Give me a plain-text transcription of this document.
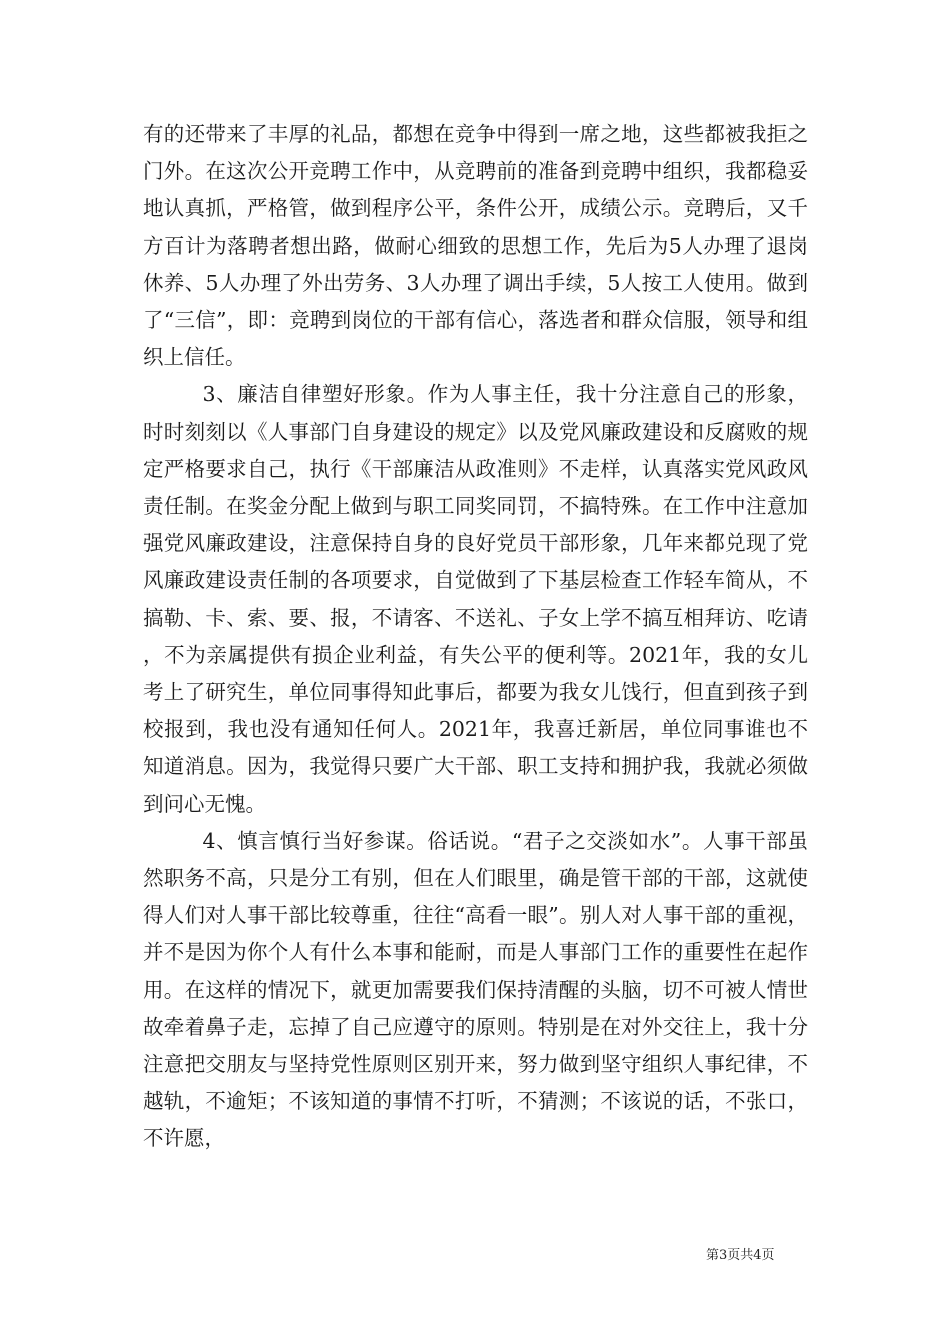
有的还带来了丰厚的礼品，都想在竞争中得到一席之地，这些都被我拒之门外。在这次公开竞聘工作中，从竞聘前的准备到竞聘中组织，我都稳妥地认真抓，严格管，做到程序公平，条件公开，成绩公示。竞聘后，又千方百计为落聘者想出路，做耐心细致的思想工作，先后为5人办理了退岗休养、5人办理了外出劳务、3人办理了调出手续，5人按工人使用。做到了“三信”，即：竞聘到岗位的干部有信心，落选者和群众信服，领导和组织上信任。

3、廉洁自律塑好形象。作为人事主任，我十分注意自己的形象，时时刻刻以《人事部门自身建设的规定》以及党风廉政建设和反腐败的规定严格要求自己，执行《干部廉洁从政准则》不走样，认真落实党风政风责任制。在奖金分配上做到与职工同奖同罚，不搞特殊。在工作中注意加强党风廉政建设，注意保持自身的良好党员干部形象，几年来都兑现了党风廉政建设责任制的各项要求，自觉做到了下基层检查工作轻车简从，不搞勒、卡、索、要、报，不请客、不送礼、子女上学不搞互相拜访、吃请，不为亲属提供有损企业利益，有失公平的便利等。2021年，我的女儿考上了研究生，单位同事得知此事后，都要为我女儿饯行，但直到孩子到校报到，我也没有通知任何人。2021年，我喜迁新居，单位同事谁也不知道消息。因为，我觉得只要广大干部、职工支持和拥护我，我就必须做到问心无愧。

4、慎言慎行当好参谋。俗话说。“君子之交淡如水”。人事干部虽然职务不高，只是分工有别，但在人们眼里，确是管干部的干部，这就使得人们对人事干部比较尊重，往往“高看一眼”。别人对人事干部的重视，并不是因为你个人有什么本事和能耐，而是人事部门工作的重要性在起作用。在这样的情况下，就更加需要我们保持清醒的头脑，切不可被人情世故牵着鼻子走，忘掉了自己应遵守的原则。特别是在对外交往上，我十分注意把交朋友与坚持党性原则区别开来，努力做到坚守组织人事纪律，不越轨，不逾矩；不该知道的事情不打听，不猜测；不该说的话，不张口，不许愿，

第3页共4页
